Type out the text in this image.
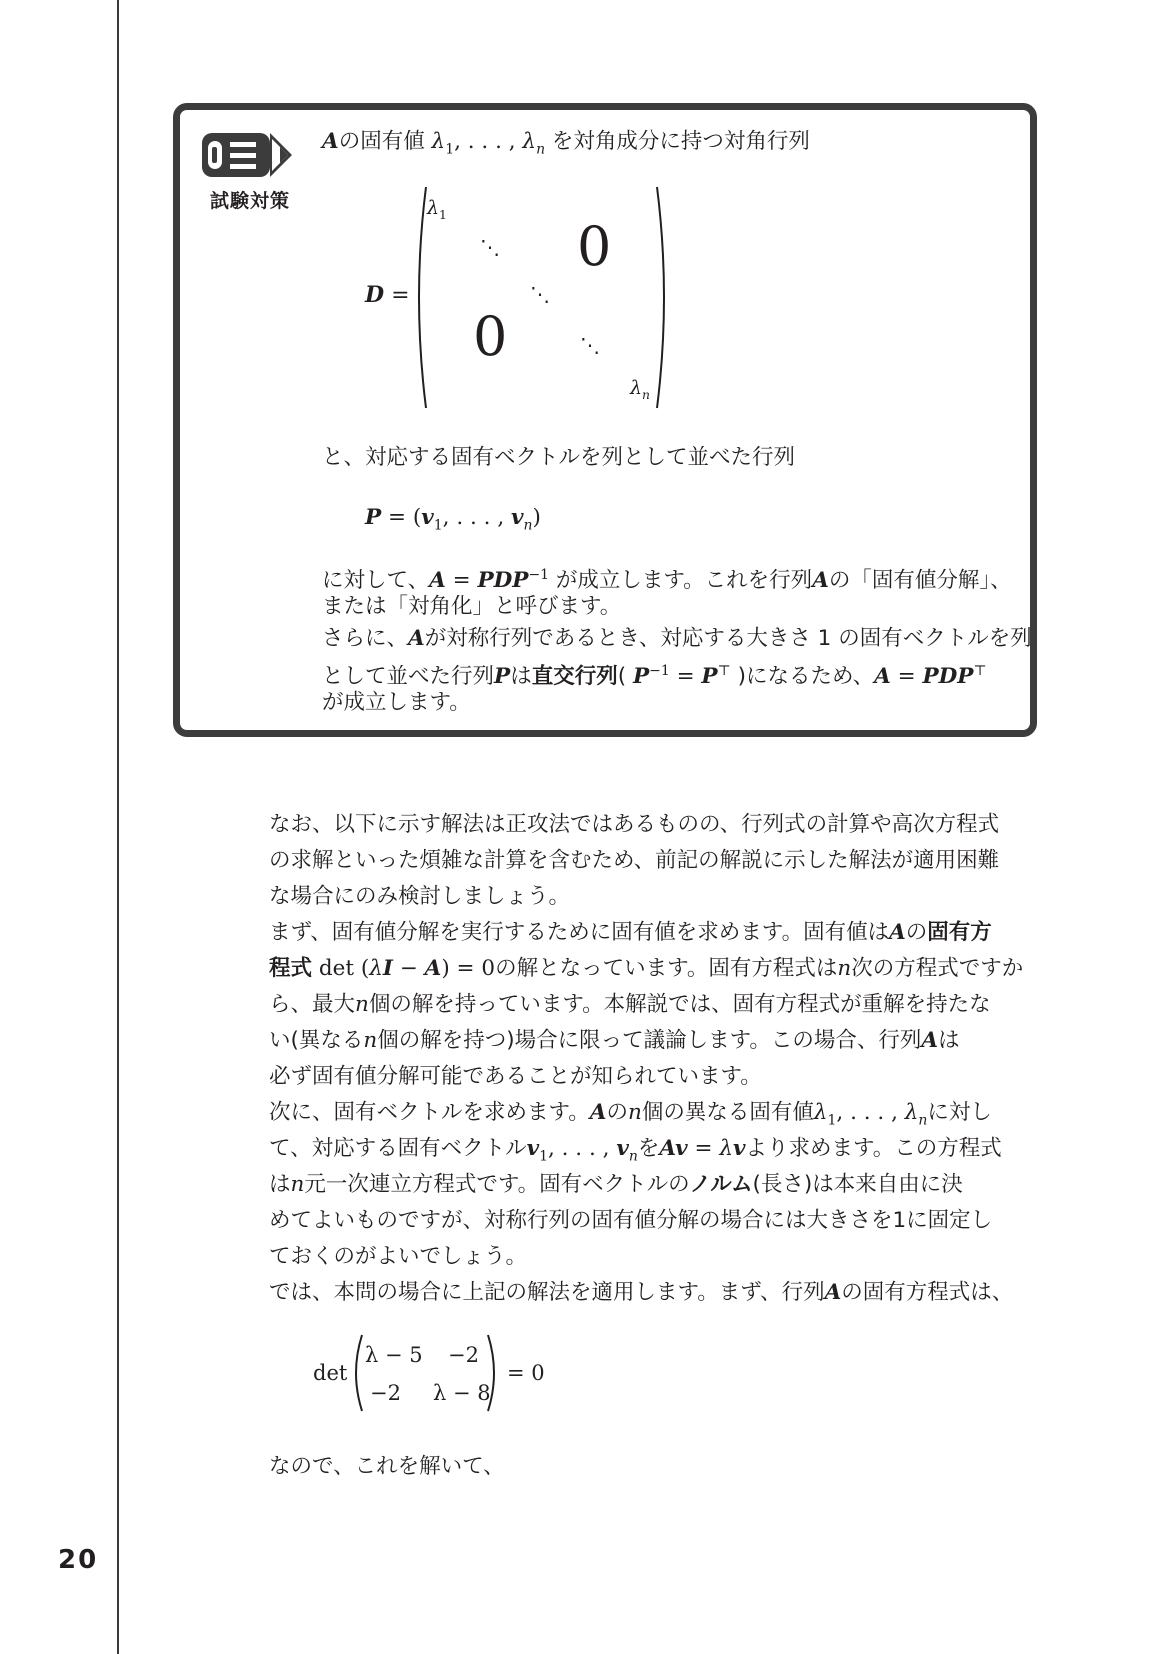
試験対策
Aの固有値 $\lambda_1$, . . . , $\lambda_n$ を対角成分に持つ対角行列
D =
$\lambda_1$
⋱ 0
⋱
0	⋱
$\lambda_n$
と、対応する固有ベクトルを列として並べた行列
$P = (v_1$, . . . , $v_n$)
に対して、$A = PDP^{-1}$ が成立します。これを行列Aの「固有値分解」、
または「対角化」と呼びます。
さらに、Aが対称行列であるとき、対応する大きさ 1 の固有ベクトルを列
として並べた行列Pは直交行列( $P^{-1} = P^⊤$ )になるため、A = PDP⊤
が成立します。
なお、以下に示す解法は正攻法ではあるものの、行列式の計算や高次方程式
の求解といった煩雑な計算を含むため、前記の解説に示した解法が適用困難
な場合にのみ検討しましょう。
まず、固有値分解を実行するために固有値を求めます。固有値はAの固有方
程式 det (λI − A) = 0の解となっています。固有方程式はn次の方程式ですか
ら、最大n個の解を持っています。本解説では、固有方程式が重解を持たな
い(異なるn個の解を持つ)場合に限って議論します。この場合、行列Aは
必ず固有値分解可能であることが知られています。
次に、固有ベクトルを求めます。Aのn個の異なる固有値$\lambda_1$, . . . , $\lambda_n$に対し
て、対応する固有ベクトル$v_1$, . . . , $v_n$をAv = λvより求めます。この方程式
はn元一次連立方程式です。固有ベクトルのノルム(長さ)は本来自由に決
めてよいものですが、対称行列の固有値分解の場合には大きさを1に固定し
ておくのがよいでしょう。
では、本問の場合に上記の解法を適用します。まず、行列Aの固有方程式は、
det
λ − 5 −2
−2 λ − 8
= 0
なので、これを解いて、
20
